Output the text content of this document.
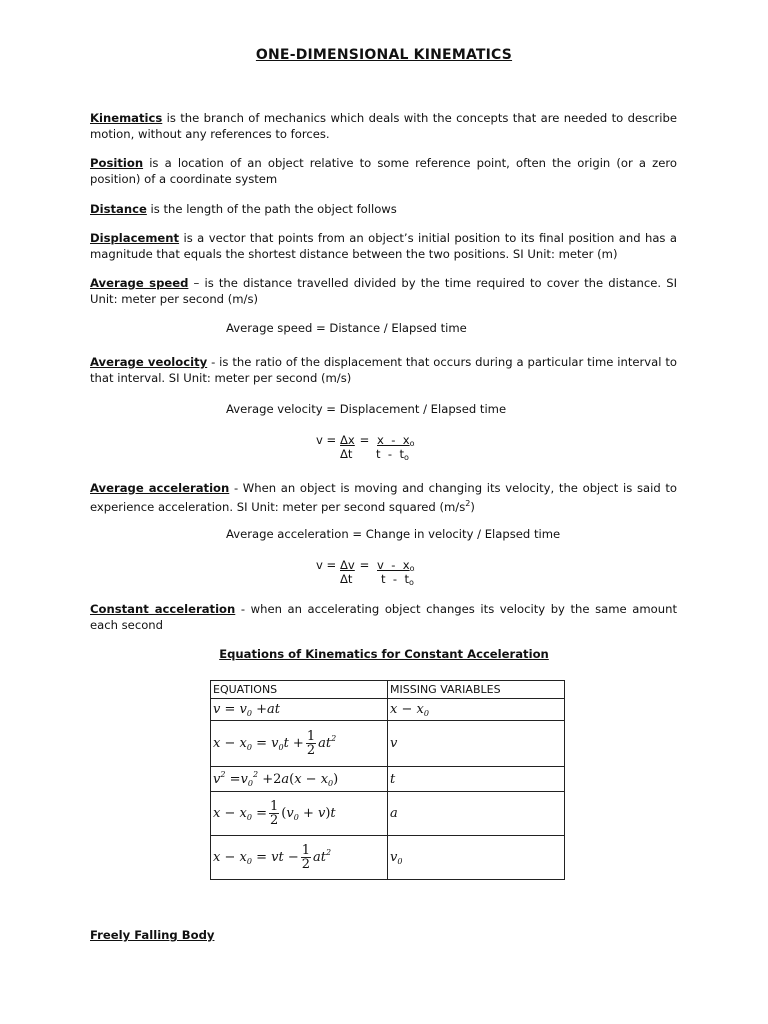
ONE-DIMENSIONAL KINEMATICS
Kinematics is the branch of mechanics which deals with the concepts that are needed to describe motion, without any references to forces.
Position is a location of an object relative to some reference point, often the origin (or a zero position) of a coordinate system
Distance is the length of the path the object follows
Displacement is a vector that points from an object’s initial position to its final position and has a magnitude that equals the shortest distance between the two positions. SI Unit: meter (m)
Average speed – is the distance travelled divided by the time required to cover the distance. SI Unit: meter per second (m/s)
Average speed = Distance / Elapsed time
Average veolocity - is the ratio of the displacement that occurs during a particular time interval to that interval. SI Unit: meter per second (m/s)
Average velocity = Displacement / Elapsed time
$v = \Delta x = x - x_o$
Δt t  -  $t_o$
Average acceleration - When an object is moving and changing its velocity, the object is said to experience acceleration. SI Unit: meter per second squared $(m/s^2)$
Average acceleration = Change in velocity / Elapsed time
$v = \Delta v = v - x_o$
Δt t  -  $t_o$
Constant acceleration - when an accelerating object changes its velocity by the same amount each second
Equations of Kinematics for Constant Acceleration
EQUATIONS	MISSING VARIABLES
$v = v_0 +at$	$x - x_0$
$x - x_0 = v_0t + \frac{1}{2} at^2$	v
$v^2 =v_0^2 +2a(x - x_0)$	t
$x - x_0 = \frac{1}{2} (v_0 + v)t$	a
$x - x_0$ = vt − $\frac{1}{2} at^2$	$v_0$
Freely Falling Body
